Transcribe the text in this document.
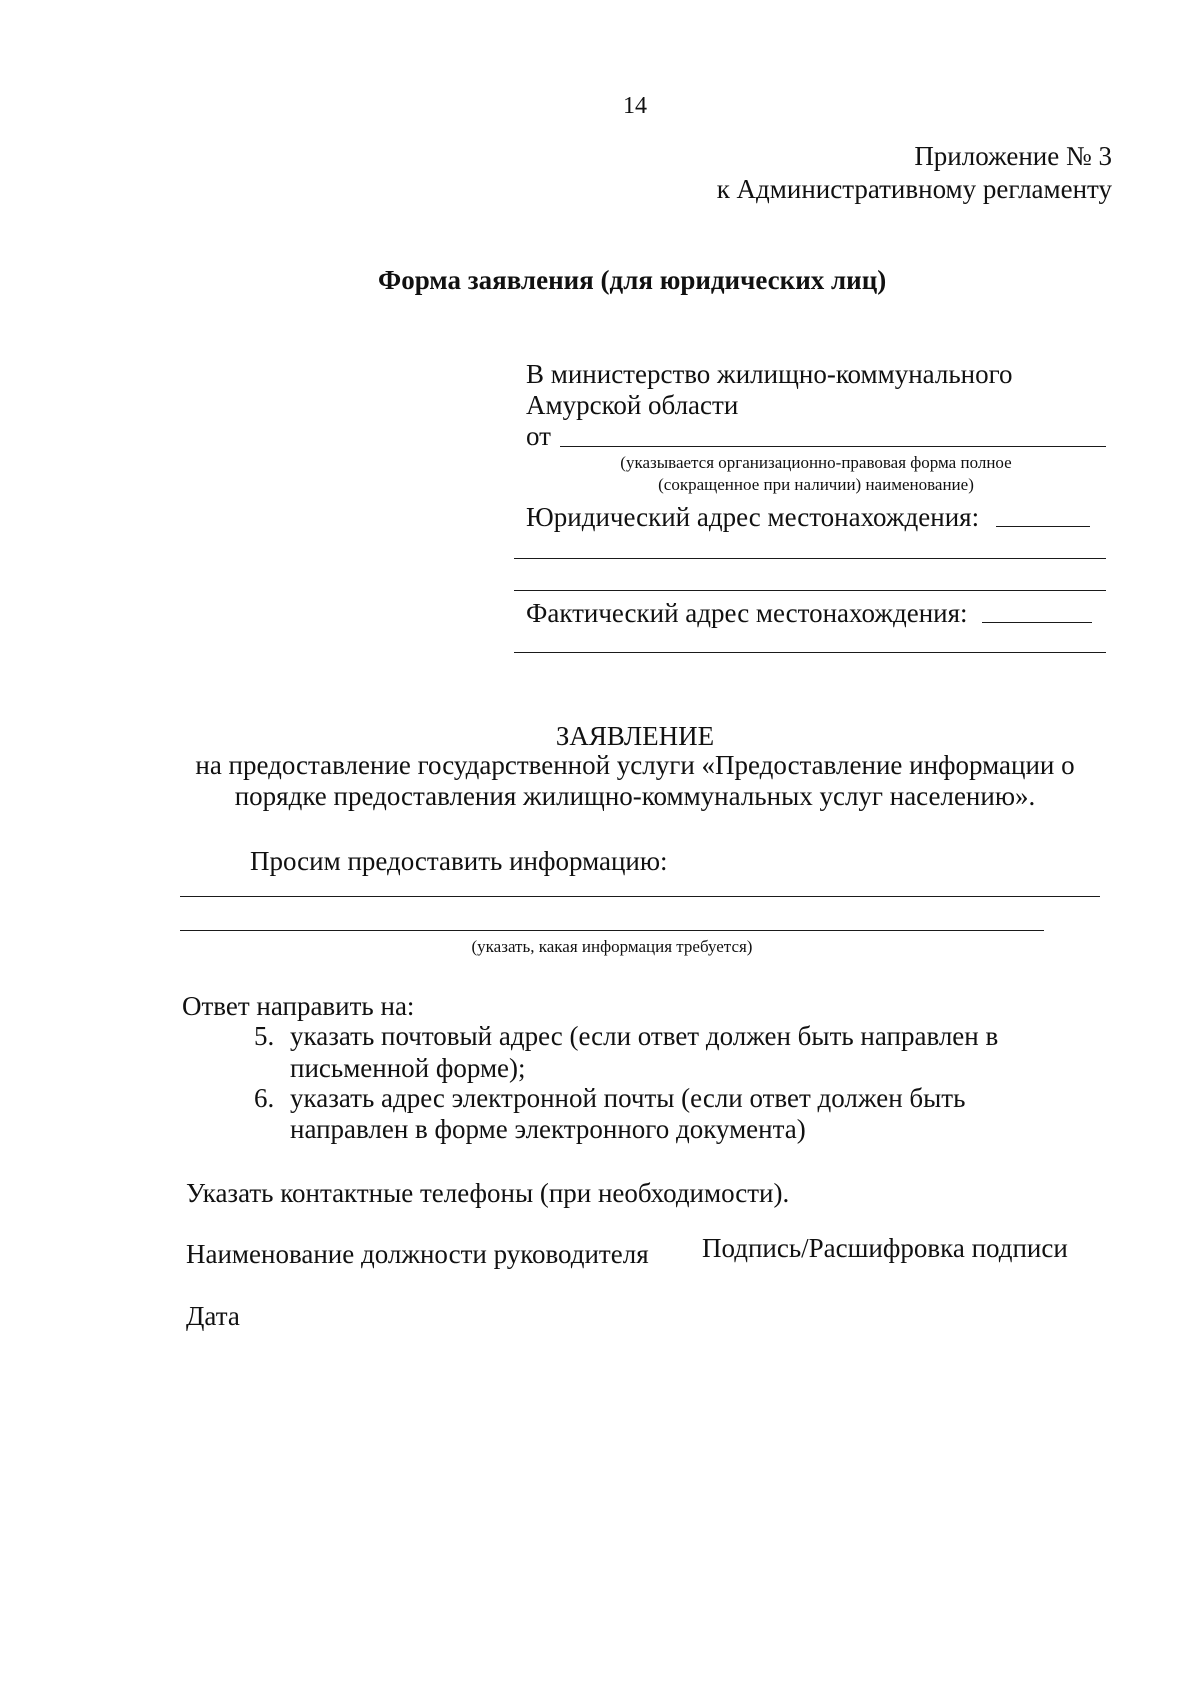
14
Приложение № 3
к Административному регламенту
Форма заявления (для юридических лиц)
В министерство жилищно-коммунального
Амурской области
от
(указывается организационно-правовая форма полное
(сокращенное при наличии) наименование)
Юридический адрес местонахождения:
Фактический адрес местонахождения:
ЗАЯВЛЕНИЕ
на предоставление государственной услуги «Предоставление информации о
порядке предоставления жилищно-коммунальных услуг населению».
Просим предоставить информацию:
(указать, какая информация требуется)
Ответ направить на:
5. указать почтовый адрес (если ответ должен быть направлен в
письменной форме);
6. указать адрес электронной почты (если ответ должен быть
направлен в форме электронного документа)
Указать контактные телефоны (при необходимости).
Наименование должности руководителя Подпись/Расшифровка подписи
Дата
